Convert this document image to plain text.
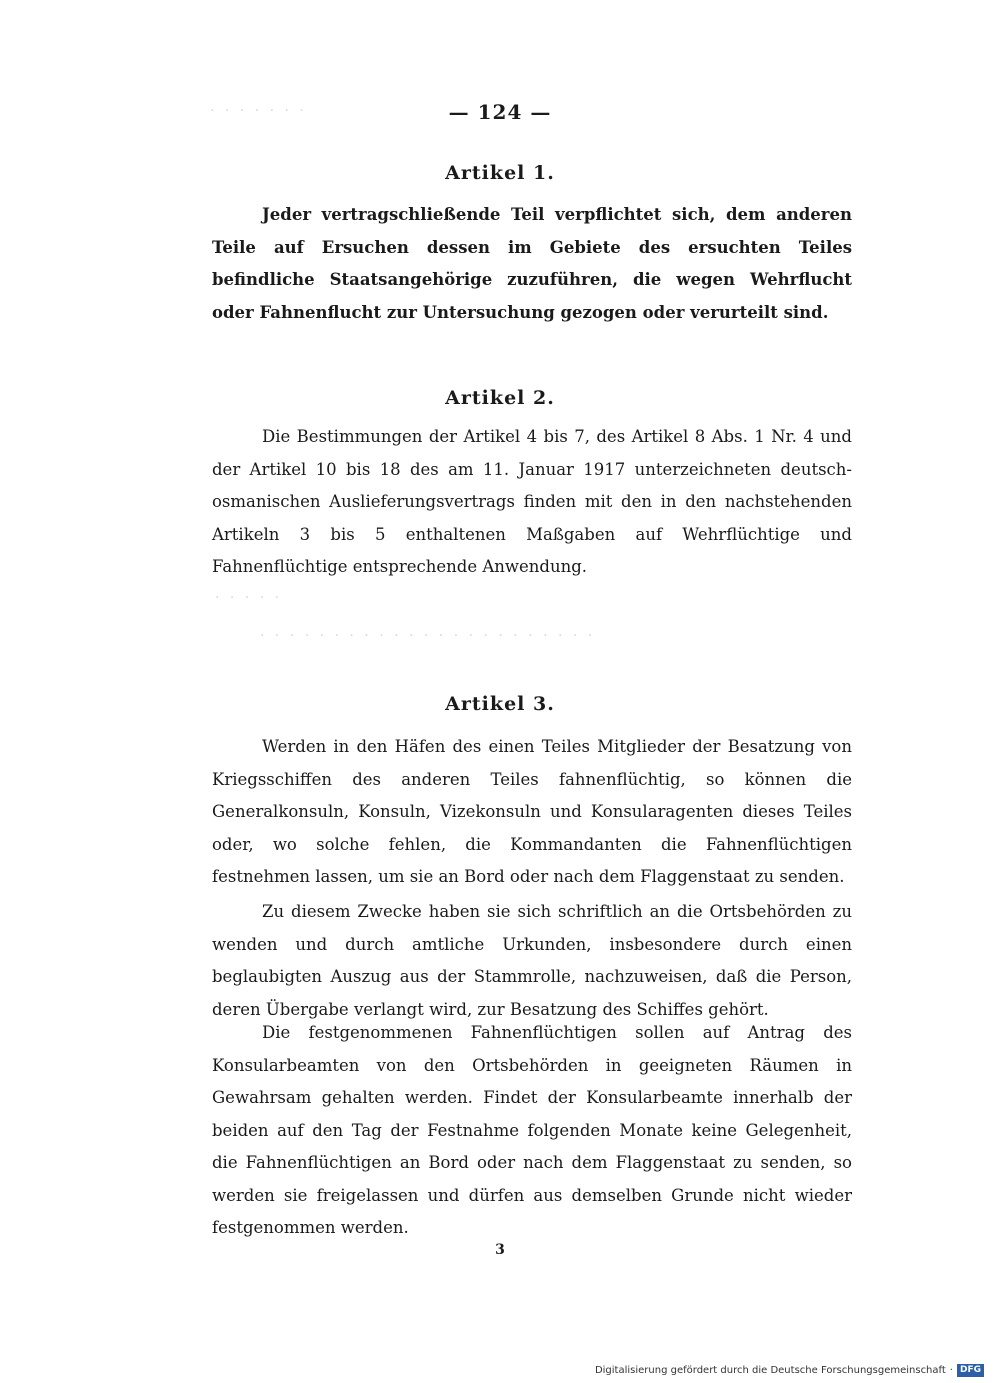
— 124 —
Artikel 1.

Jeder vertragschließende Teil verpflichtet sich, dem anderen Teile auf Ersuchen dessen im Gebiete des ersuchten Teiles befindliche Staatsangehörige zuzuführen, die wegen Wehrflucht oder Fahnenflucht zur Untersuchung gezogen oder verurteilt sind.

Artikel 2.

Die Bestimmungen der Artikel 4 bis 7, des Artikel 8 Abs. 1 Nr. 4 und der Artikel 10 bis 18 des am 11. Januar 1917 unterzeichneten deutsch-osmanischen Auslieferungsvertrags finden mit den in den nachstehenden Artikeln 3 bis 5 enthaltenen Maßgaben auf Wehrflüchtige und Fahnenflüchtige entsprechende Anwendung.

· · · · ·
· · · · · · · · · · · · · · · · · · · · · · ·
· · · · · · ·
Artikel 3.

Werden in den Häfen des einen Teiles Mitglieder der Besatzung von Kriegsschiffen des anderen Teiles fahnenflüchtig, so können die Generalkonsuln, Konsuln, Vizekonsuln und Konsularagenten dieses Teiles oder, wo solche fehlen, die Kommandanten die Fahnenflüchtigen festnehmen lassen, um sie an Bord oder nach dem Flaggenstaat zu senden.

Zu diesem Zwecke haben sie sich schriftlich an die Ortsbehörden zu wenden und durch amtliche Urkunden, insbesondere durch einen beglaubigten Auszug aus der Stammrolle, nachzuweisen, daß die Person, deren Übergabe verlangt wird, zur Besatzung des Schiffes gehört.

Die festgenommenen Fahnenflüchtigen sollen auf Antrag des Konsularbeamten von den Ortsbehörden in geeigneten Räumen in Gewahrsam gehalten werden. Findet der Konsularbeamte innerhalb der beiden auf den Tag der Festnahme folgenden Monate keine Gelegenheit, die Fahnenflüchtigen an Bord oder nach dem Flaggenstaat zu senden, so werden sie freigelassen und dürfen aus demselben Grunde nicht wieder festgenommen werden.

3
Digitalisierung gefördert durch die Deutsche Forschungsgemeinschaft · DFG
